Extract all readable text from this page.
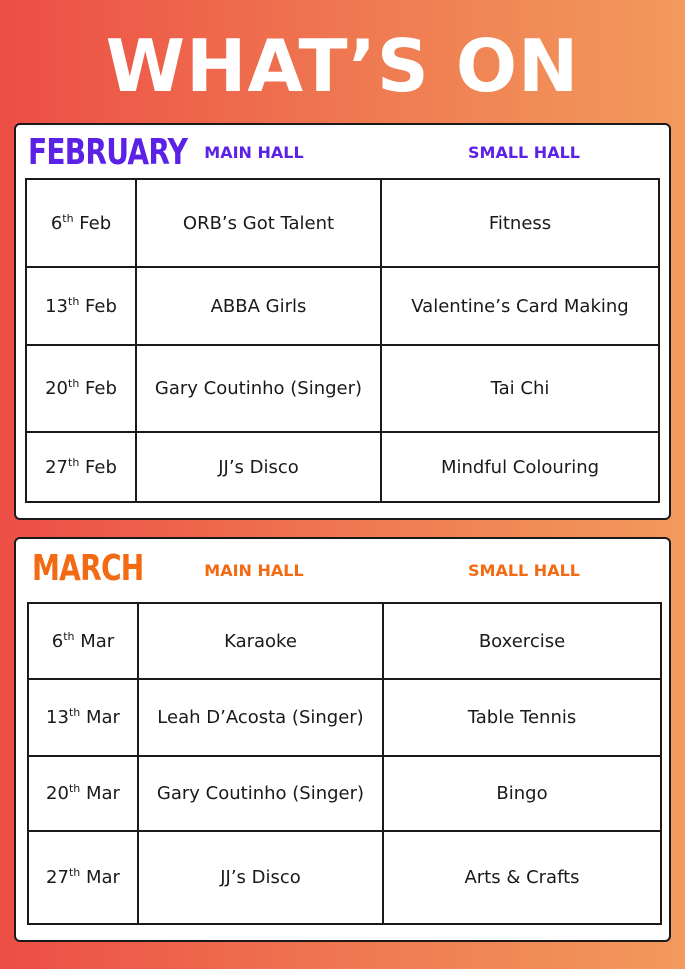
WHAT’S ON
FEBRUARY	MAIN HALL	SMALL HALL
6th Feb	ORB’s Got Talent	Fitness
13th Feb	ABBA Girls	Valentine’s Card Making
20th Feb	Gary Coutinho (Singer)	Tai Chi
27th Feb	JJ’s Disco	Mindful Colouring
MARCH	MAIN HALL	SMALL HALL
6th Mar	Karaoke	Boxercise
13th Mar	Leah D’Acosta (Singer)	Table Tennis
20th Mar	Gary Coutinho (Singer)	Bingo
27th Mar	JJ’s Disco	Arts & Crafts
